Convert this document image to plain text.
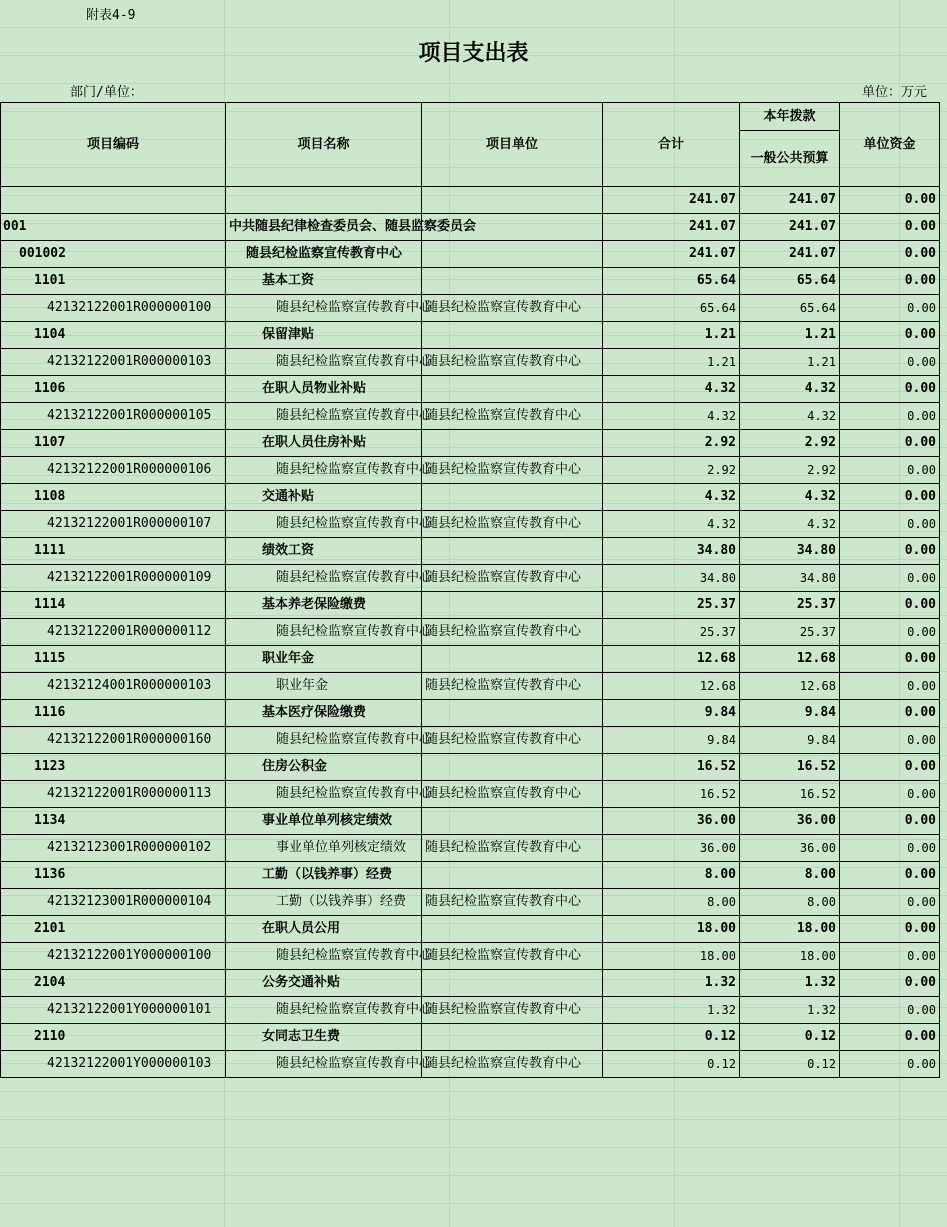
附表4-9
项目支出表
部门/单位：	单位：万元
项目编码	项目名称	项目单位	合计	本年拨款	单位资金
				一般公共预算	
			241.07	241.07	0.00
001	中共随县纪律检查委员会、随县监察委员会		241.07	241.07	0.00
001002	随县纪检监察宣传教育中心		241.07	241.07	0.00
1101	基本工资		65.64	65.64	0.00
42132122001R000000100	随县纪检监察宣传教育中心	随县纪检监察宣传教育中心	65.64	65.64	0.00
1104	保留津贴		1.21	1.21	0.00
42132122001R000000103	随县纪检监察宣传教育中心	随县纪检监察宣传教育中心	1.21	1.21	0.00
1106	在职人员物业补贴		4.32	4.32	0.00
42132122001R000000105	随县纪检监察宣传教育中心	随县纪检监察宣传教育中心	4.32	4.32	0.00
1107	在职人员住房补贴		2.92	2.92	0.00
42132122001R000000106	随县纪检监察宣传教育中心	随县纪检监察宣传教育中心	2.92	2.92	0.00
1108	交通补贴		4.32	4.32	0.00
42132122001R000000107	随县纪检监察宣传教育中心	随县纪检监察宣传教育中心	4.32	4.32	0.00
1111	绩效工资		34.80	34.80	0.00
42132122001R000000109	随县纪检监察宣传教育中心	随县纪检监察宣传教育中心	34.80	34.80	0.00
1114	基本养老保险缴费		25.37	25.37	0.00
42132122001R000000112	随县纪检监察宣传教育中心	随县纪检监察宣传教育中心	25.37	25.37	0.00
1115	职业年金		12.68	12.68	0.00
42132124001R000000103	职业年金	随县纪检监察宣传教育中心	12.68	12.68	0.00
1116	基本医疗保险缴费		9.84	9.84	0.00
42132122001R000000160	随县纪检监察宣传教育中心	随县纪检监察宣传教育中心	9.84	9.84	0.00
1123	住房公积金		16.52	16.52	0.00
42132122001R000000113	随县纪检监察宣传教育中心	随县纪检监察宣传教育中心	16.52	16.52	0.00
1134	事业单位单列核定绩效		36.00	36.00	0.00
42132123001R000000102	事业单位单列核定绩效	随县纪检监察宣传教育中心	36.00	36.00	0.00
1136	工勤（以钱养事）经费		8.00	8.00	0.00
42132123001R000000104	工勤（以钱养事）经费	随县纪检监察宣传教育中心	8.00	8.00	0.00
2101	在职人员公用		18.00	18.00	0.00
42132122001Y000000100	随县纪检监察宣传教育中心	随县纪检监察宣传教育中心	18.00	18.00	0.00
2104	公务交通补贴		1.32	1.32	0.00
42132122001Y000000101	随县纪检监察宣传教育中心	随县纪检监察宣传教育中心	1.32	1.32	0.00
2110	女同志卫生费		0.12	0.12	0.00
42132122001Y000000103	随县纪检监察宣传教育中心	随县纪检监察宣传教育中心	0.12	0.12	0.00
